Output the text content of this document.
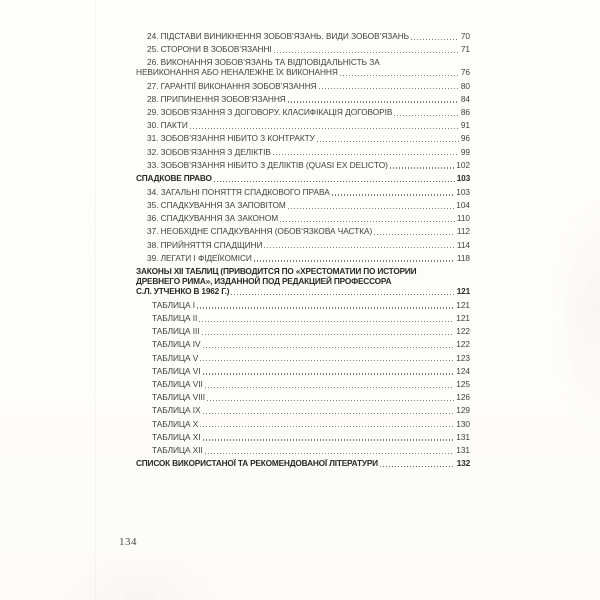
24. ПІДСТАВИ ВИНИКНЕННЯ ЗОБОВ’ЯЗАНЬ. ВИДИ ЗОБОВ’ЯЗАНЬ	70
25. СТОРОНИ В ЗОБОВ’ЯЗАННІ	71
26. ВИКОНАННЯ ЗОБОВ’ЯЗАНЬ ТА ВІДПОВІДАЛЬНІСТЬ ЗА
НЕВИКОНАННЯ АБО НЕНАЛЕЖНЕ ЇХ ВИКОНАННЯ	76
27. ГАРАНТІЇ ВИКОНАННЯ ЗОБОВ’ЯЗАННЯ	80
28. ПРИПИНЕННЯ ЗОБОВ’ЯЗАННЯ	84
29. ЗОБОВ’ЯЗАННЯ З ДОГОВОРУ. КЛАСИФІКАЦІЯ ДОГОВОРІВ	86
30. ПАКТИ	91
31. ЗОБОВ’ЯЗАННЯ НІБИТО З КОНТРАКТУ	96
32. ЗОБОВ’ЯЗАННЯ З ДЕЛІКТІВ	99
33. ЗОБОВ’ЯЗАННЯ НІБИТО З ДЕЛІКТІВ (QUASI EX DELICTO)	102
СПАДКОВЕ ПРАВО	103
34. ЗАГАЛЬНІ ПОНЯТТЯ СПАДКОВОГО ПРАВА	103
35. СПАДКУВАННЯ ЗА ЗАПОВІТОМ	104
36. СПАДКУВАННЯ ЗА ЗАКОНОМ	110
37. НЕОБХІДНЕ СПАДКУВАННЯ (ОБОВ’ЯЗКОВА ЧАСТКА)	112
38. ПРИЙНЯТТЯ СПАДЩИНИ	114
39. ЛЕГАТИ І ФІДЕЇКОМІСИ	118
ЗАКОНЫ XII ТАБЛИЦ (ПРИВОДИТСЯ ПО «ХРЕСТОМАТИИ ПО ИСТОРИИ
ДРЕВНЕГО РИМА», ИЗДАННОЙ ПОД РЕДАКЦИЕЙ ПРОФЕССОРА
С.Л. УТЧЕНКО В 1962 Г.)	121
ТАБЛИЦА I	121
ТАБЛИЦА II	121
ТАБЛИЦА III	122
ТАБЛИЦА IV	122
ТАБЛИЦА V	123
ТАБЛИЦА VI	124
ТАБЛИЦА VII	125
ТАБЛИЦА VIII	126
ТАБЛИЦА IX	129
ТАБЛИЦА X	130
ТАБЛИЦА XI	131
ТАБЛИЦА XII	131
СПИСОК ВИКОРИСТАНОЇ ТА РЕКОМЕНДОВАНОЇ ЛІТЕРАТУРИ	132
134
